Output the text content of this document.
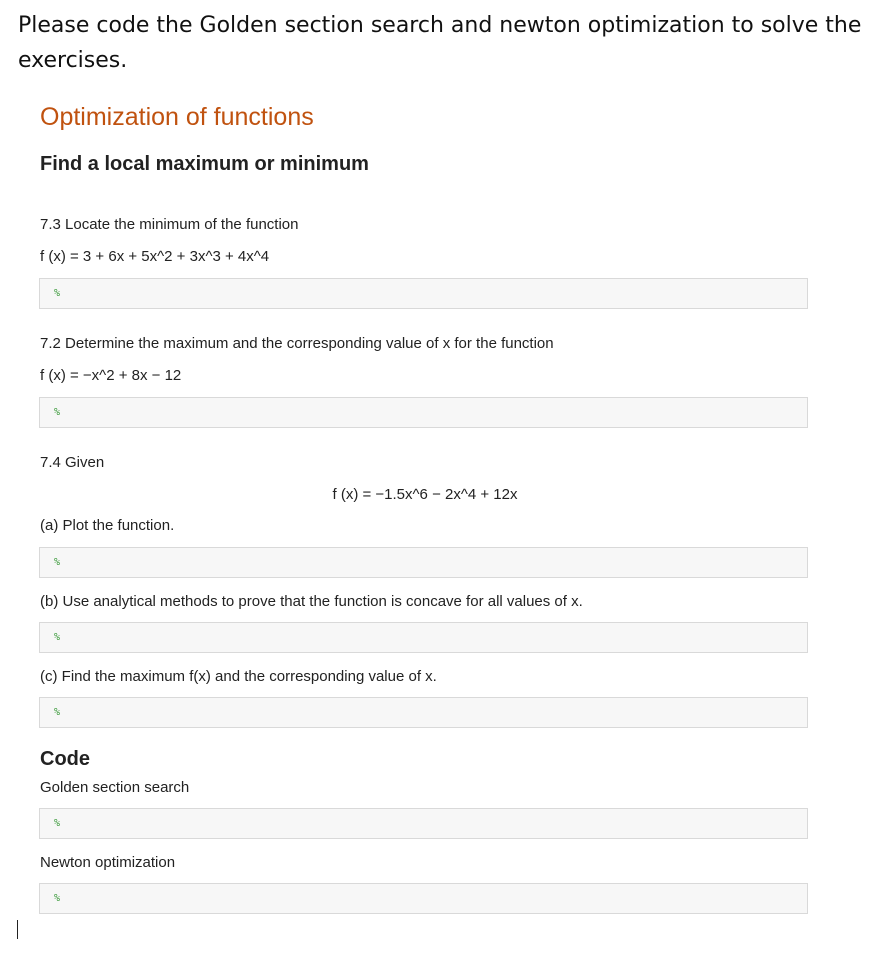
Please code the Golden section search and newton optimization to solve the exercises.
Optimization of functions
Find a local maximum or minimum
7.3 Locate the minimum of the function
f (x) = 3 + 6x + 5x^2 + 3x^3 + 4x^4
%
7.2 Determine the maximum and the corresponding value of x for the function
f (x) = −x^2 + 8x − 12
%
7.4 Given
f (x) = −1.5x^6 − 2x^4 + 12x
(a) Plot the function.
%
(b) Use analytical methods to prove that the function is concave for all values of x.
%
(c) Find the maximum f(x) and the corresponding value of x.
%
Code
Golden section search
%
Newton optimization
%
